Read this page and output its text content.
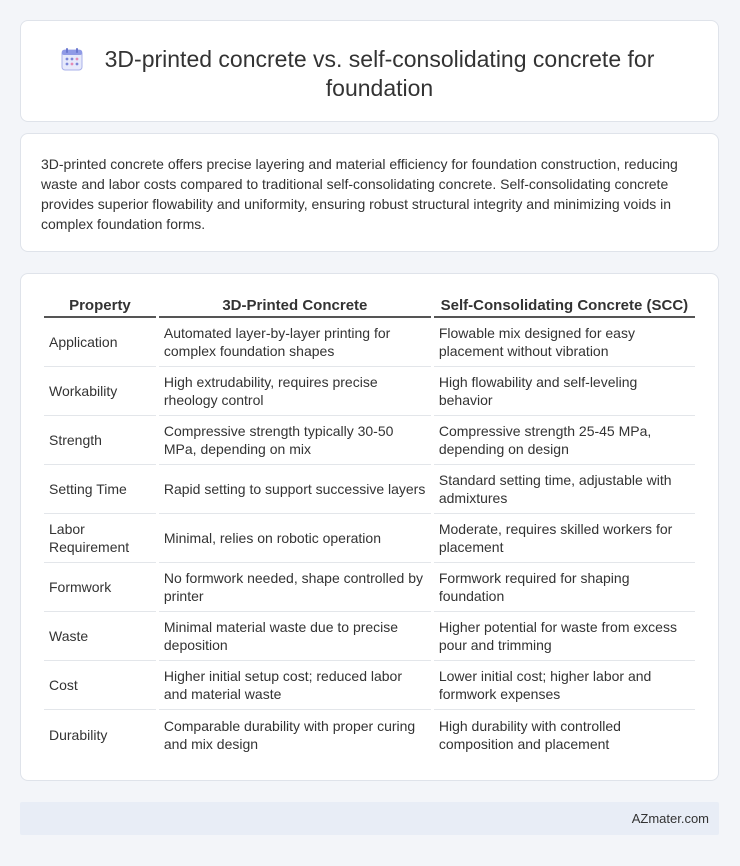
3D-printed concrete vs. self-consolidating concrete for foundation

3D-printed concrete offers precise layering and material efficiency for foundation construction, reducing waste and labor costs compared to traditional self-consolidating concrete. Self-consolidating concrete provides superior flowability and uniformity, ensuring robust structural integrity and minimizing voids in complex foundation forms.

Property	3D-Printed Concrete	Self-Consolidating Concrete (SCC)
Application	Automated layer-by-layer printing for complex foundation shapes	Flowable mix designed for easy placement without vibration
Workability	High extrudability, requires precise rheology control	High flowability and self-leveling behavior
Strength	Compressive strength typically 30-50 MPa, depending on mix	Compressive strength 25-45 MPa, depending on design
Setting Time	Rapid setting to support successive layers	Standard setting time, adjustable with admixtures
Labor Requirement	Minimal, relies on robotic operation	Moderate, requires skilled workers for placement
Formwork	No formwork needed, shape controlled by printer	Formwork required for shaping foundation
Waste	Minimal material waste due to precise deposition	Higher potential for waste from excess pour and trimming
Cost	Higher initial setup cost; reduced labor and material waste	Lower initial cost; higher labor and formwork expenses
Durability	Comparable durability with proper curing and mix design	High durability with controlled composition and placement
AZmater.com
